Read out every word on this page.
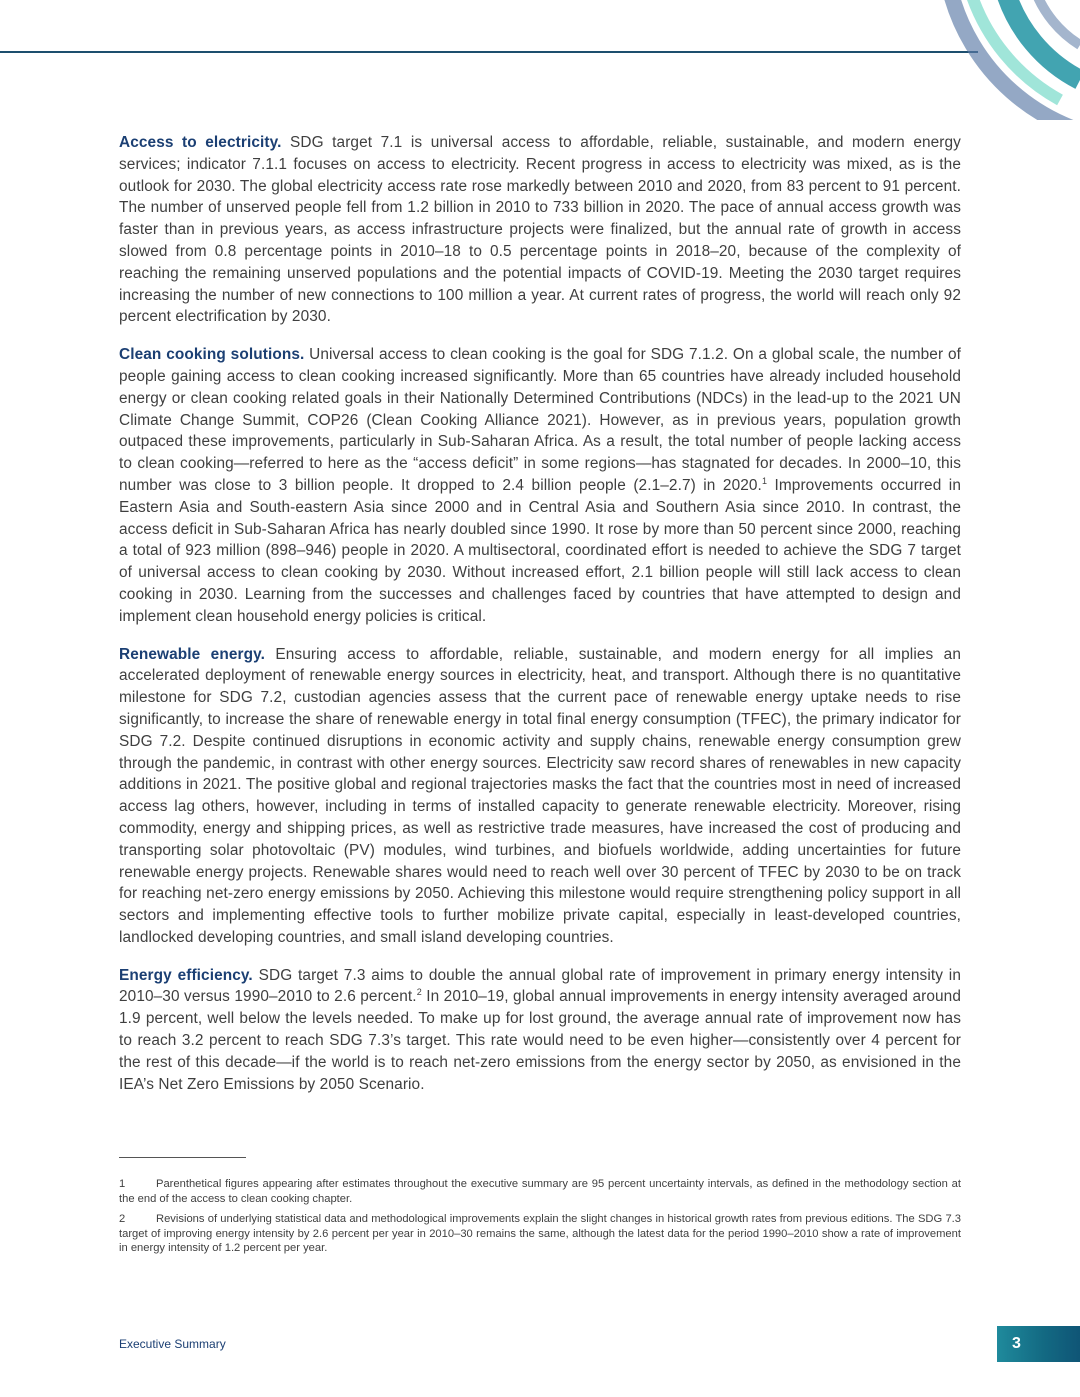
Access to electricity. SDG target 7.1 is universal access to affordable, reliable, sustainable, and modern energy services; indicator 7.1.1 focuses on access to electricity. Recent progress in access to electricity was mixed, as is the outlook for 2030. The global electricity access rate rose markedly between 2010 and 2020, from 83 percent to 91 percent. The number of unserved people fell from 1.2 billion in 2010 to 733 billion in 2020. The pace of annual access growth was faster than in previous years, as access infrastructure projects were finalized, but the annual rate of growth in access slowed from 0.8 percentage points in 2010–18 to 0.5 percentage points in 2018–20, because of the complexity of reaching the remaining unserved populations and the potential impacts of COVID-19. Meeting the 2030 target requires increasing the number of new connections to 100 million a year. At current rates of progress, the world will reach only 92 percent electrification by 2030.

Clean cooking solutions. Universal access to clean cooking is the goal for SDG 7.1.2. On a global scale, the number of people gaining access to clean cooking increased significantly. More than 65 countries have already included household energy or clean cooking related goals in their Nationally Determined Contributions (NDCs) in the lead-up to the 2021 UN Climate Change Summit, COP26 (Clean Cooking Alliance 2021). However, as in previous years, population growth outpaced these improvements, particularly in Sub-Saharan Africa. As a result, the total number of people lacking access to clean cooking—referred to here as the “access deficit” in some regions—has stagnated for decades. In 2000–10, this number was close to 3 billion people. It dropped to 2.4 billion people (2.1–2.7) in 2020.$^1$ Improvements occurred in Eastern Asia and South-eastern Asia since 2000 and in Central Asia and Southern Asia since 2010. In contrast, the access deficit in Sub-Saharan Africa has nearly doubled since 1990. It rose by more than 50 percent since 2000, reaching a total of 923 million (898–946) people in 2020. A multisectoral, coordinated effort is needed to achieve the SDG 7 target of universal access to clean cooking by 2030. Without increased effort, 2.1 billion people will still lack access to clean cooking in 2030. Learning from the successes and challenges faced by countries that have attempted to design and implement clean household energy policies is critical.

Renewable energy. Ensuring access to affordable, reliable, sustainable, and modern energy for all implies an accelerated deployment of renewable energy sources in electricity, heat, and transport. Although there is no quantitative milestone for SDG 7.2, custodian agencies assess that the current pace of renewable energy uptake needs to rise significantly, to increase the share of renewable energy in total final energy consumption (TFEC), the primary indicator for SDG 7.2. Despite continued disruptions in economic activity and supply chains, renewable energy consumption grew through the pandemic, in contrast with other energy sources. Electricity saw record shares of renewables in new capacity additions in 2021. The positive global and regional trajectories masks the fact that the countries most in need of increased access lag others, however, including in terms of installed capacity to generate renewable electricity. Moreover, rising commodity, energy and shipping prices, as well as restrictive trade measures, have increased the cost of producing and transporting solar photovoltaic (PV) modules, wind turbines, and biofuels worldwide, adding uncertainties for future renewable energy projects. Renewable shares would need to reach well over 30 percent of TFEC by 2030 to be on track for reaching net-zero energy emissions by 2050. Achieving this milestone would require strengthening policy support in all sectors and implementing effective tools to further mobilize private capital, especially in least-developed countries, landlocked developing countries, and small island developing countries.

Energy efficiency. SDG target 7.3 aims to double the annual global rate of improvement in primary energy intensity in 2010–30 versus 1990–2010 to 2.6 percent.$^2$ In 2010–19, global annual improvements in energy intensity averaged around 1.9 percent, well below the levels needed. To make up for lost ground, the average annual rate of improvement now has to reach 3.2 percent to reach SDG 7.3’s target. This rate would need to be even higher—consistently over 4 percent for the rest of this decade—if the world is to reach net-zero emissions from the energy sector by 2050, as envisioned in the IEA’s Net Zero Emissions by 2050 Scenario.

1	Parenthetical figures appearing after estimates throughout the executive summary are 95 percent uncertainty intervals, as defined in the methodology section at the end of the access to clean cooking chapter.

2	Revisions of underlying statistical data and methodological improvements explain the slight changes in historical growth rates from previous editions. The SDG 7.3 target of improving energy intensity by 2.6 percent per year in 2010–30 remains the same, although the latest data for the period 1990–2010 show a rate of improvement in energy intensity of 1.2 percent per year.

Executive Summary	3
